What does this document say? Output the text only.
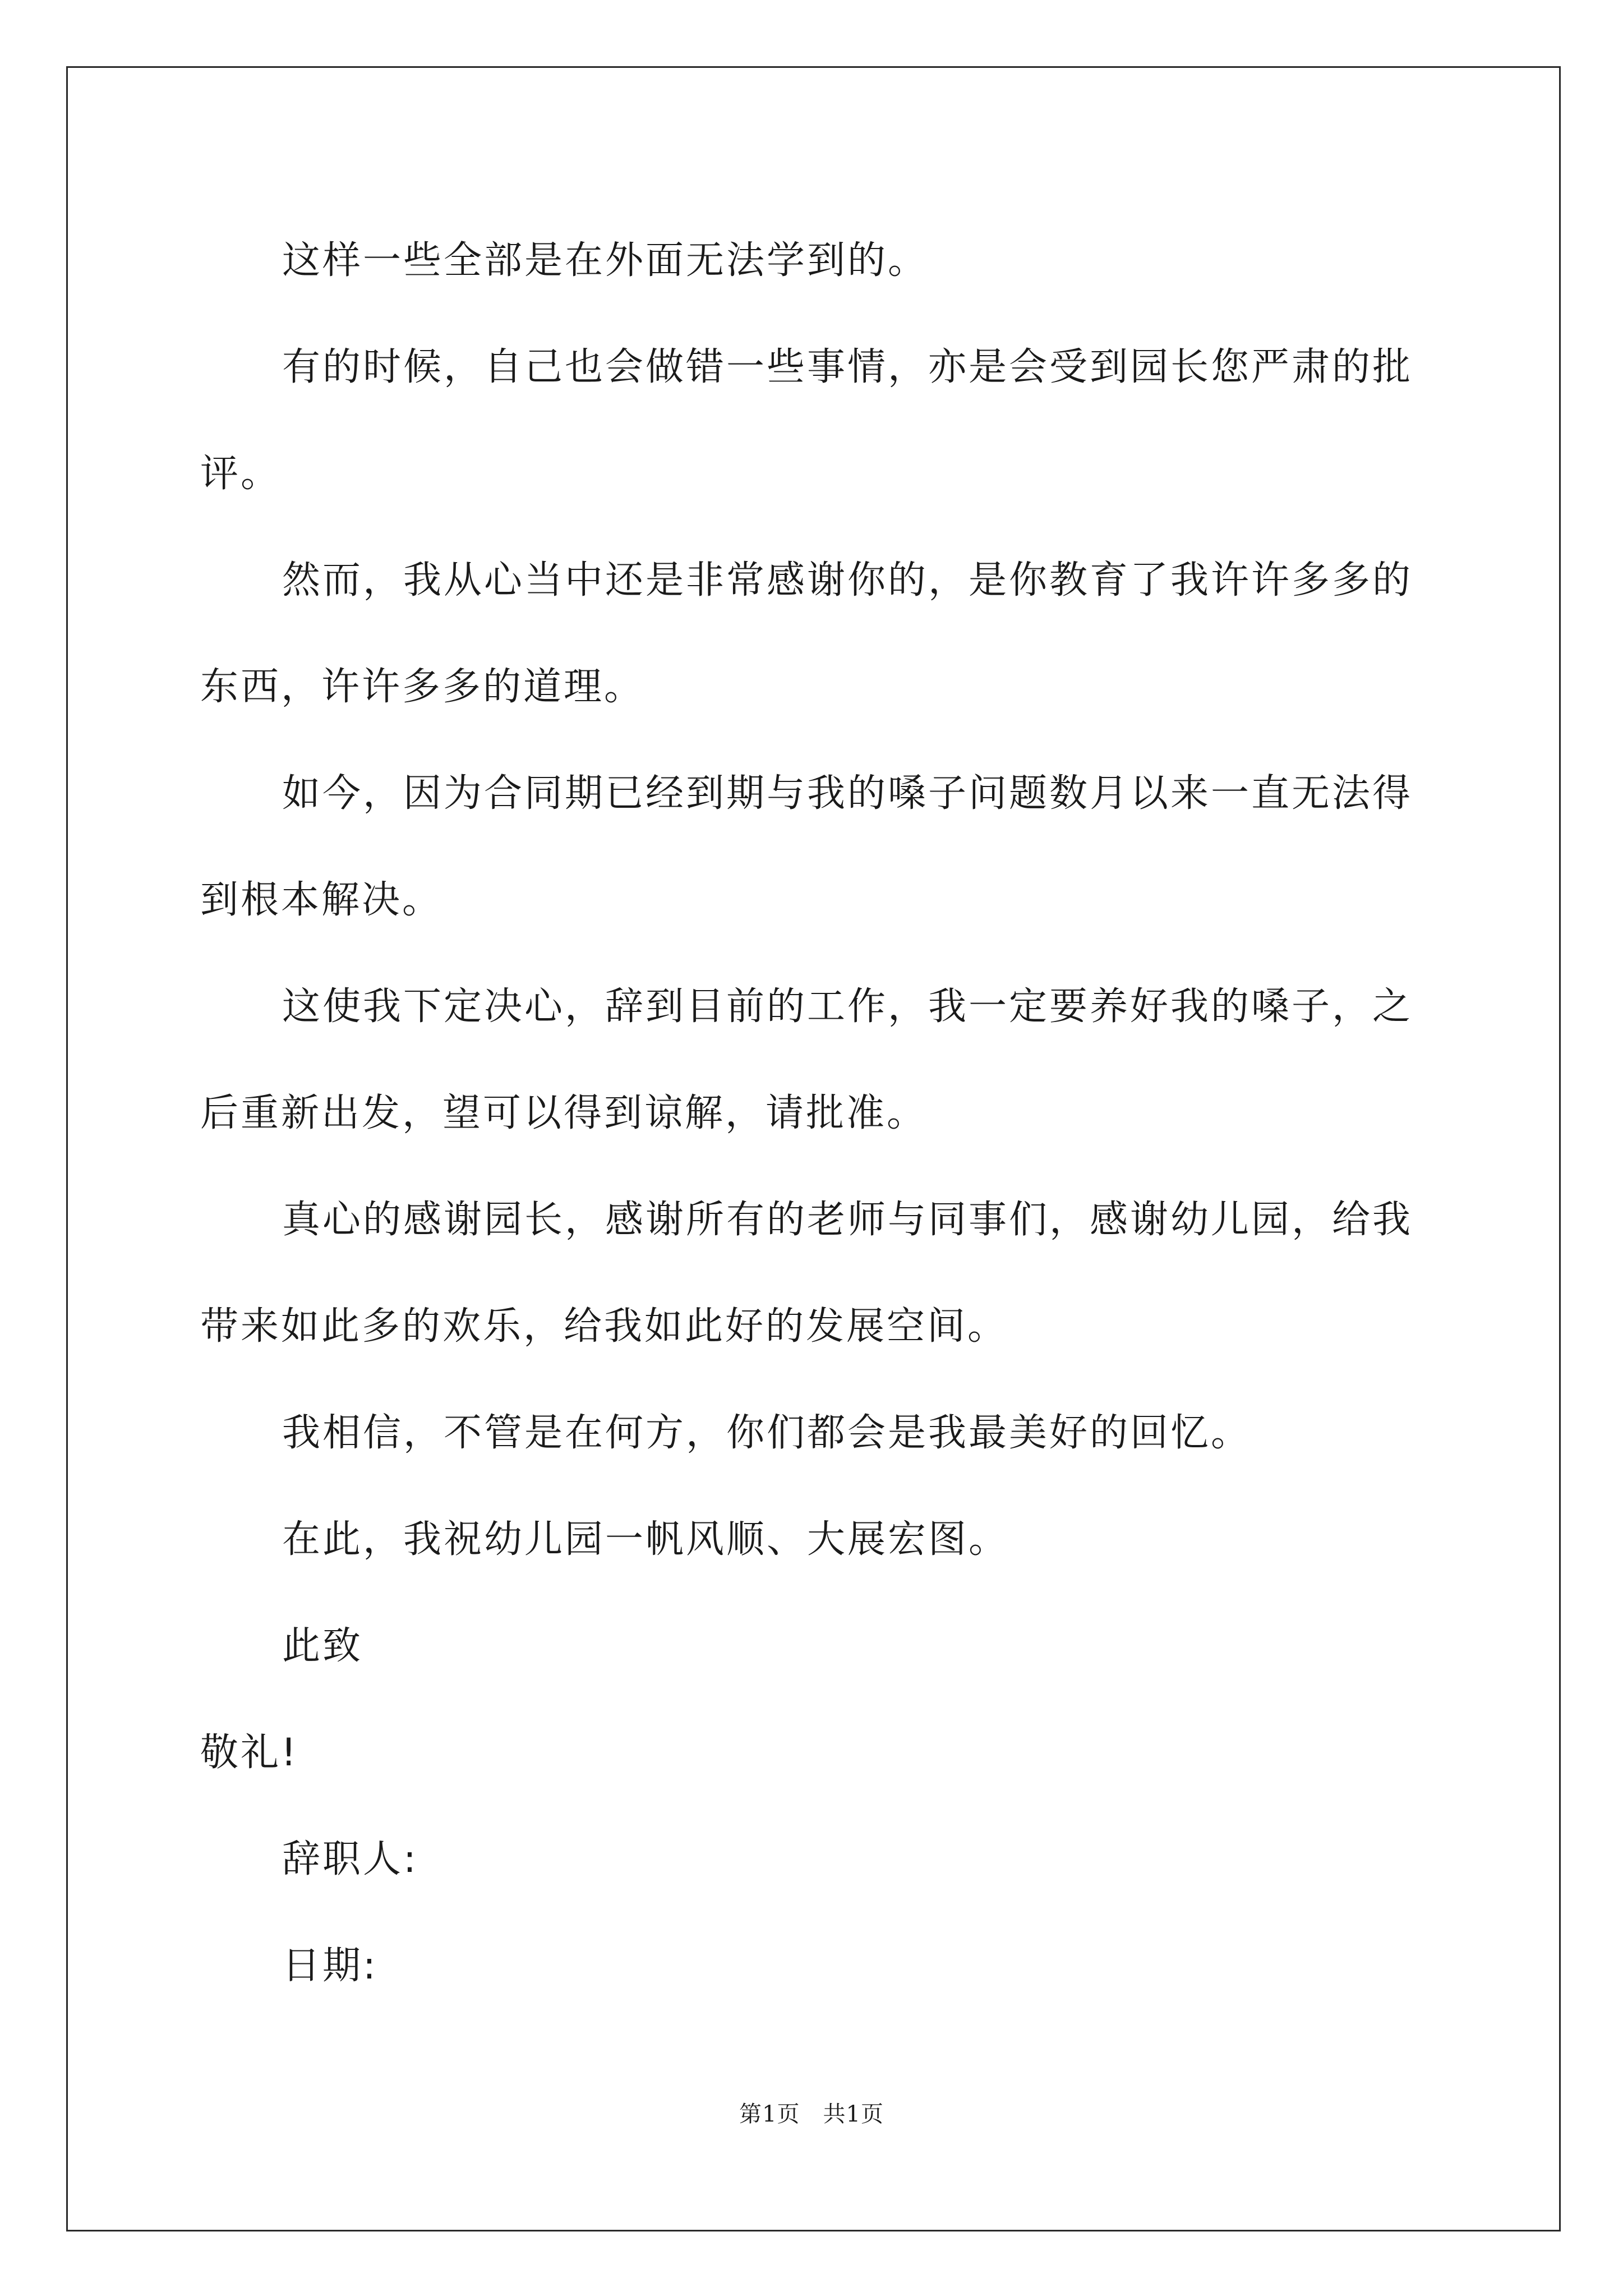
这样一些全部是在外面无法学到的。

有的时候，自己也会做错一些事情，亦是会受到园长您严肃的批评。

然而，我从心当中还是非常感谢你的，是你教育了我许许多多的东西，许许多多的道理。

如今，因为合同期已经到期与我的嗓子问题数月以来一直无法得到根本解决。

这使我下定决心，辞到目前的工作，我一定要养好我的嗓子，之后重新出发，望可以得到谅解，请批准。

真心的感谢园长，感谢所有的老师与同事们，感谢幼儿园，给我带来如此多的欢乐，给我如此好的发展空间。

我相信，不管是在何方，你们都会是我最美好的回忆。

在此，我祝幼儿园一帆风顺、大展宏图。

此致

敬礼!

辞职人:

日期:

第1页　共1页
